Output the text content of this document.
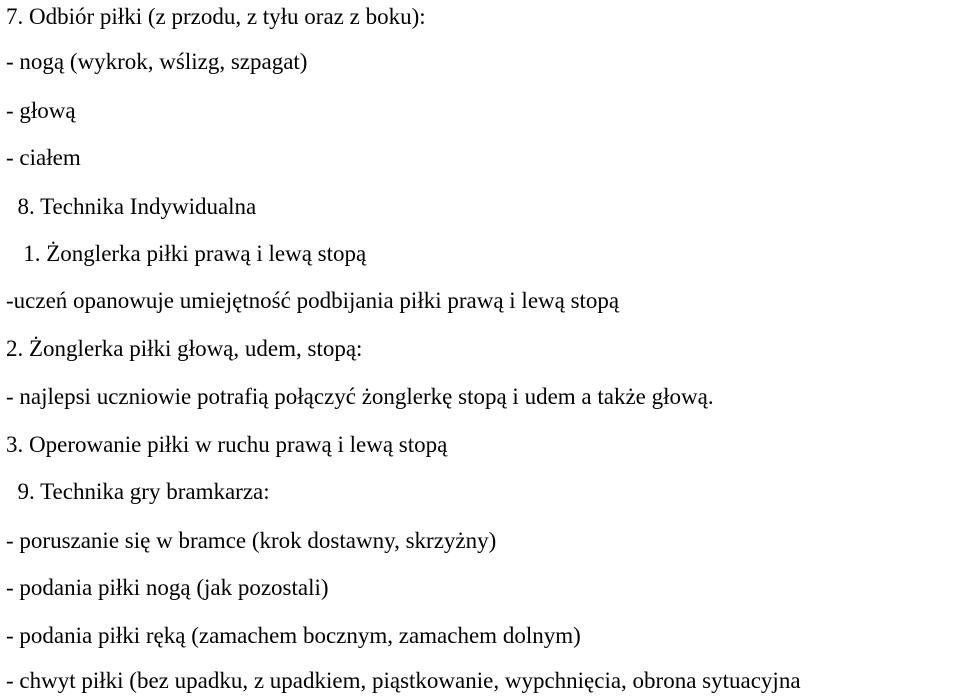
7. Odbiór piłki (z przodu, z tyłu oraz z boku):
- nogą (wykrok, wślizg, szpagat)
- głową
- ciałem
8. Technika Indywidualna
1. Żonglerka piłki prawą i lewą stopą
-uczeń opanowuje umiejętność podbijania piłki prawą i lewą stopą
2. Żonglerka piłki głową, udem, stopą:
- najlepsi uczniowie potrafią połączyć żonglerkę stopą i udem a także głową.
3. Operowanie piłki w ruchu prawą i lewą stopą
9. Technika gry bramkarza:
- poruszanie się w bramce (krok dostawny, skrzyżny)
- podania piłki nogą (jak pozostali)
- podania piłki ręką (zamachem bocznym, zamachem dolnym)
- chwyt piłki (bez upadku, z upadkiem, piąstkowanie, wypchnięcia, obrona sytuacyjna
